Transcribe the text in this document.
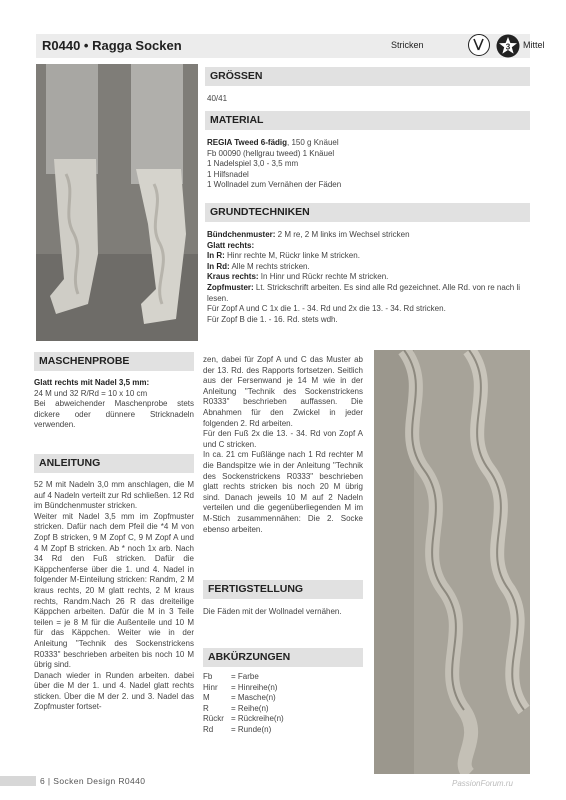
R0440 • Ragga Socken	Stricken	3 Mittel
GRÖSSEN
40/41
MATERIAL

REGIA Tweed 6-fädig, 150 g Knäuel

Fb 00090 (hellgrau tweed) 1 Knäuel

1 Nadelspiel 3,0 - 3,5 mm

1 Hilfsnadel

1 Wollnadel zum Vernähen der Fäden

GRUNDTECHNIKEN

Bündchenmuster: 2 M re, 2 M links im Wechsel stricken

Glatt rechts:

In R: Hinr rechte M, Rückr linke M stricken.

In Rd: Alle M rechts stricken.

Kraus rechts: In Hinr und Rückr rechte M stricken.

Zopfmuster: Lt. Strickschrift arbeiten. Es sind alle Rd gezeichnet. Alle Rd. von re nach li lesen.

Für Zopf A und C 1x die 1. - 34. Rd und 2x die 13. - 34. Rd stricken.

Für Zopf B die 1. - 16. Rd. stets wdh.

MASCHENPROBE

Glatt rechts mit Nadel 3,5 mm:

24 M und 32 R/Rd = 10 x 10 cm

Bei abweichender Maschenprobe stets dickere oder dünnere Stricknadeln verwenden.

ANLEITUNG

52 M mit Nadeln 3,0 mm anschlagen, die M auf 4 Nadeln verteilt zur Rd schließen. 12 Rd im Bündchenmuster stricken.

Weiter mit Nadel 3,5 mm im Zopfmuster stricken. Dafür nach dem Pfeil die *4 M von Zopf B stricken, 9 M Zopf C, 9 M Zopf A und 4 M Zopf B stricken. Ab * noch 1x arb. Nach 34 Rd den Fuß stricken. Dafür die Käppchenferse über die 1. und 4. Nadel in folgender M-Einteilung stricken: Randm, 2 M kraus rechts, 20 M glatt rechts, 2 M kraus rechts, Randm.Nach 26 R das dreiteilige Käppchen arbeiten. Dafür die M in 3 Teile teilen = je 8 M für die Außenteile und 10 M für das Käppchen. Weiter wie in der Anleitung "Technik des Sockenstrickens R0333" beschrieben arbeiten bis noch 10 M übrig sind.

Danach wieder in Runden arbeiten. dabei über die M der 1. und 4. Nadel glatt rechts sticken. Über die M der 2. und 3. Nadel das Zopfmuster fortset-

zen, dabei für Zopf A und C das Muster ab der 13. Rd. des Rapports fortsetzen. Seitlich aus der Fersenwand je 14 M wie in der Anleitung "Technik des Sockenstrickens R0333" beschrieben auffassen. Die Abnahmen für den Zwickel in jeder folgenden 2. Rd arbeiten.

Für den Fuß 2x die 13. - 34. Rd von Zopf A und C stricken.

In ca. 21 cm Fußlänge nach 1 Rd rechter M die Bandspitze wie in der Anleitung "Technik des Sockenstrickens R0333" beschrieben glatt rechts stricken bis noch 20 M übrig sind. Danach jeweils 10 M auf 2 Nadeln verteilen und die gegenüberliegenden M im M-Stich zusammennähen: Die 2. Socke ebenso arbeiten.

FERTIGSTELLUNG
Die Fäden mit der Wollnadel vernähen.
ABKÜRZUNGEN
Fb	= Farbe
Hinr	= Hinreihe(n)
M	= Masche(n)
R	= Reihe(n)
Rückr = Rückreihe(n)
Rd	= Runde(n)
6 | Socken Design R0440	PassionForum.ru
